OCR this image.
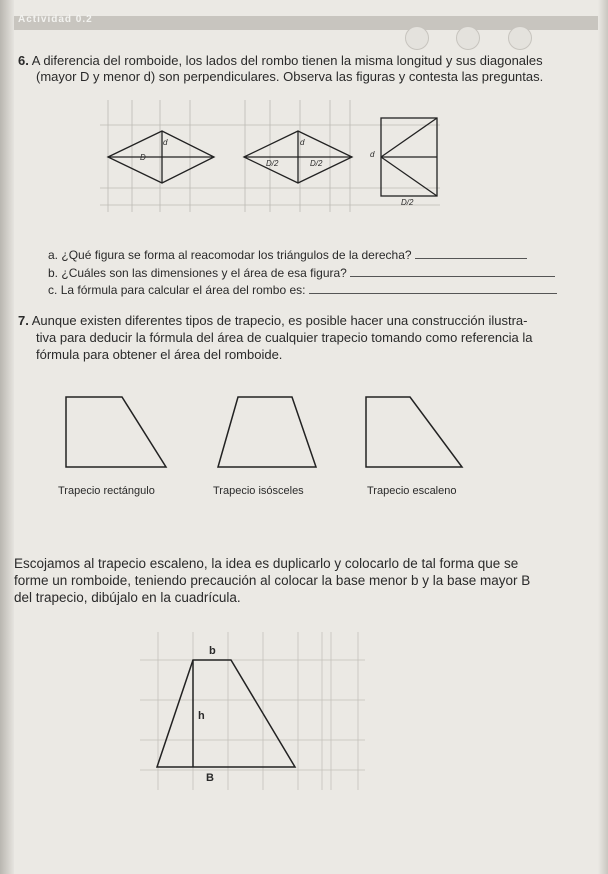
Actividad 0.2
6. A diferencia del romboide, los lados del rombo tienen la misma longitud y sus diagonales
(mayor D y menor d) son perpendiculares. Observa las figuras y contesta las preguntas.
d
D
d
D/2	D/2
d
D/2
a. ¿Qué figura se forma al reacomodar los triángulos de la derecha?
b. ¿Cuáles son las dimensiones y el área de esa figura?
c. La fórmula para calcular el área del rombo es:
7. Aunque existen diferentes tipos de trapecio, es posible hacer una construcción ilustra-
tiva para deducir la fórmula del área de cualquier trapecio tomando como referencia la
fórmula para obtener el área del romboide.
Trapecio rectángulo	Trapecio isósceles	Trapecio escaleno
Escojamos al trapecio escaleno, la idea es duplicarlo y colocarlo de tal forma que se
forme un romboide, teniendo precaución al colocar la base menor b y la base mayor B
del trapecio, dibújalo en la cuadrícula.
b
h
B
